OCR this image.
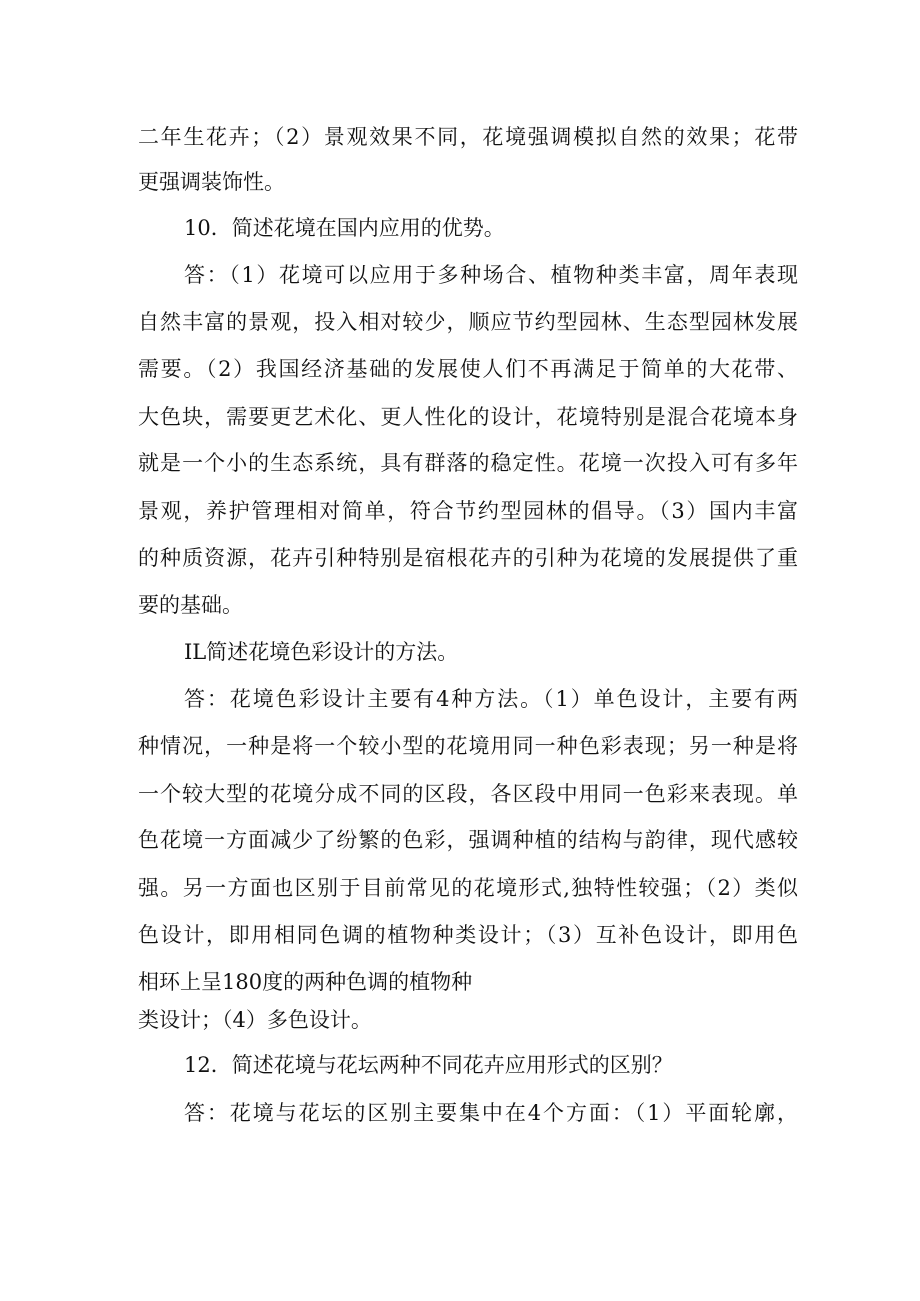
二年生花卉；（2）景观效果不同，花境强调模拟自然的效果；花带
更强调装饰性。
10．简述花境在国内应用的优势。
答：（1）花境可以应用于多种场合、植物种类丰富，周年表现
自然丰富的景观，投入相对较少，顺应节约型园林、生态型园林发展
需要。（2）我国经济基础的发展使人们不再满足于简单的大花带、
大色块，需要更艺术化、更人性化的设计，花境特别是混合花境本身
就是一个小的生态系统，具有群落的稳定性。花境一次投入可有多年
景观，养护管理相对简单，符合节约型园林的倡导。（3）国内丰富
的种质资源，花卉引种特别是宿根花卉的引种为花境的发展提供了重
要的基础。
IL简述花境色彩设计的方法。
答：花境色彩设计主要有4种方法。（1）单色设计，主要有两
种情况，一种是将一个较小型的花境用同一种色彩表现；另一种是将
一个较大型的花境分成不同的区段，各区段中用同一色彩来表现。单
色花境一方面减少了纷繁的色彩，强调种植的结构与韵律，现代感较
强。另一方面也区别于目前常见的花境形式,独特性较强；（2）类似
色设计，即用相同色调的植物种类设计；（3）互补色设计，即用色
相环上呈180度的两种色调的植物种
类设计；（4）多色设计。
12．简述花境与花坛两种不同花卉应用形式的区别？
答：花境与花坛的区别主要集中在4个方面：（1）平面轮廓，
